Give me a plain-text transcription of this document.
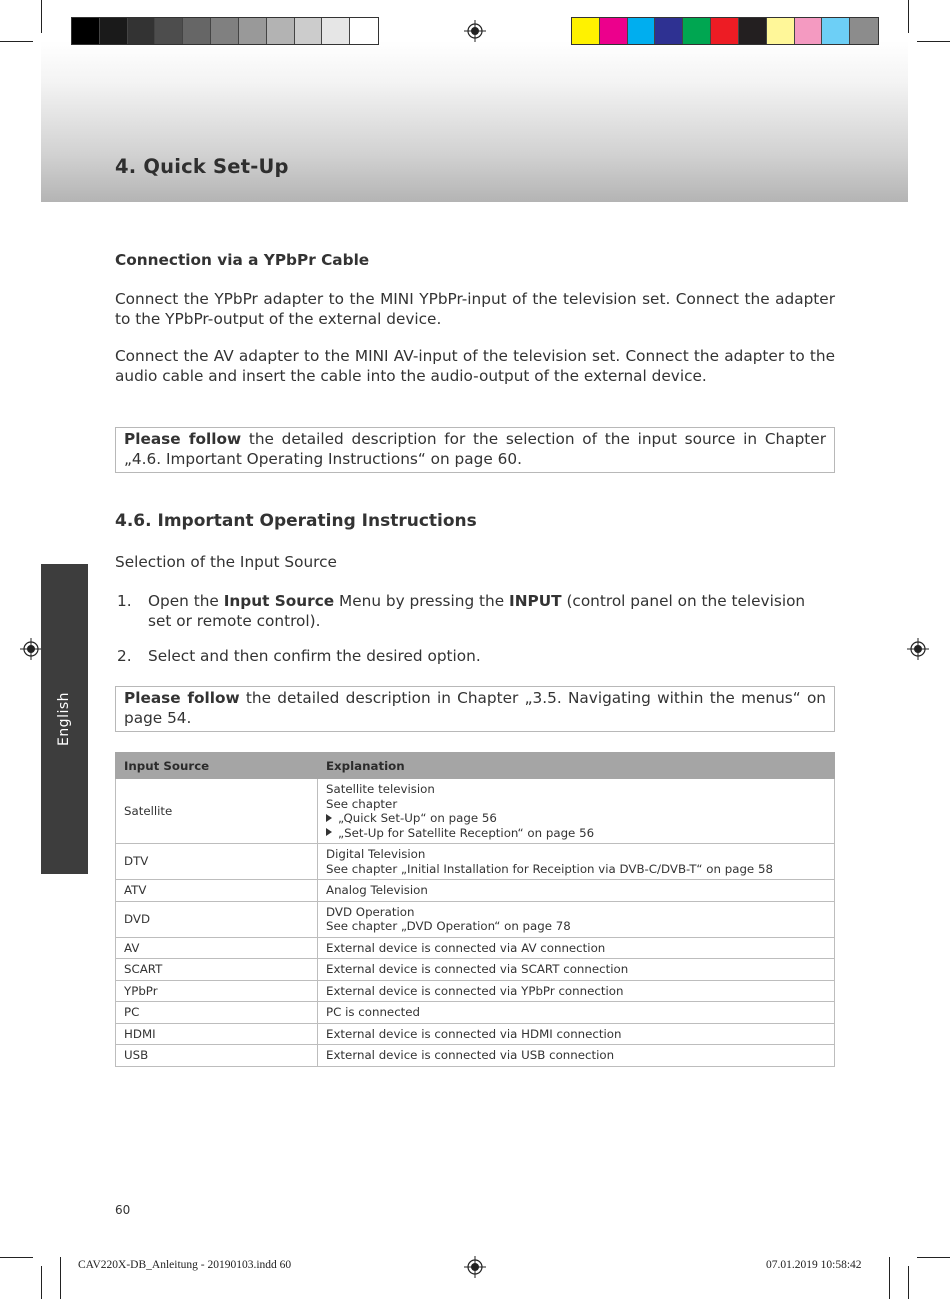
4. Quick Set-Up
English
Connection via a YPbPr Cable
Connect the YPbPr adapter to the MINI YPbPr-input of the television set. Connect the adapter to the YPbPr-output of the external device.
Connect the AV adapter to the MINI AV-input of the television set. Connect the adapter to the audio cable and insert the cable into the audio-output of the external device.
Please follow the detailed description for the selection of the input source in Chapter „4.6. Important Operating Instructions“ on page 60.
4.6. Important Operating Instructions
Selection of the Input Source
1. Open the Input Source Menu by pressing the INPUT (control panel on the television set or remote control).
2. Select and then confirm the desired option.
Please follow the detailed description in Chapter „3.5. Navigating within the menus“ on page 54.
Input Source	Explanation
Satellite	Satellite television
See chapter
„Quick Set-Up“ on page 56
„Set-Up for Satellite Reception“ on page 56

DTV	Digital Television
See chapter „Initial Installation for Receiption via DVB-C/DVB-T“ on page 58

ATV	Analog Television

DVD	DVD Operation
See chapter „DVD Operation“ on page 78

AV	External device is connected via AV connection

SCART	External device is connected via SCART connection

YPbPr	External device is connected via YPbPr connection

PC	PC is connected

HDMI	External device is connected via HDMI connection

USB	External device is connected via USB connection
60
CAV220X-DB_Anleitung - 20190103.indd 60	07.01.2019 10:58:42
